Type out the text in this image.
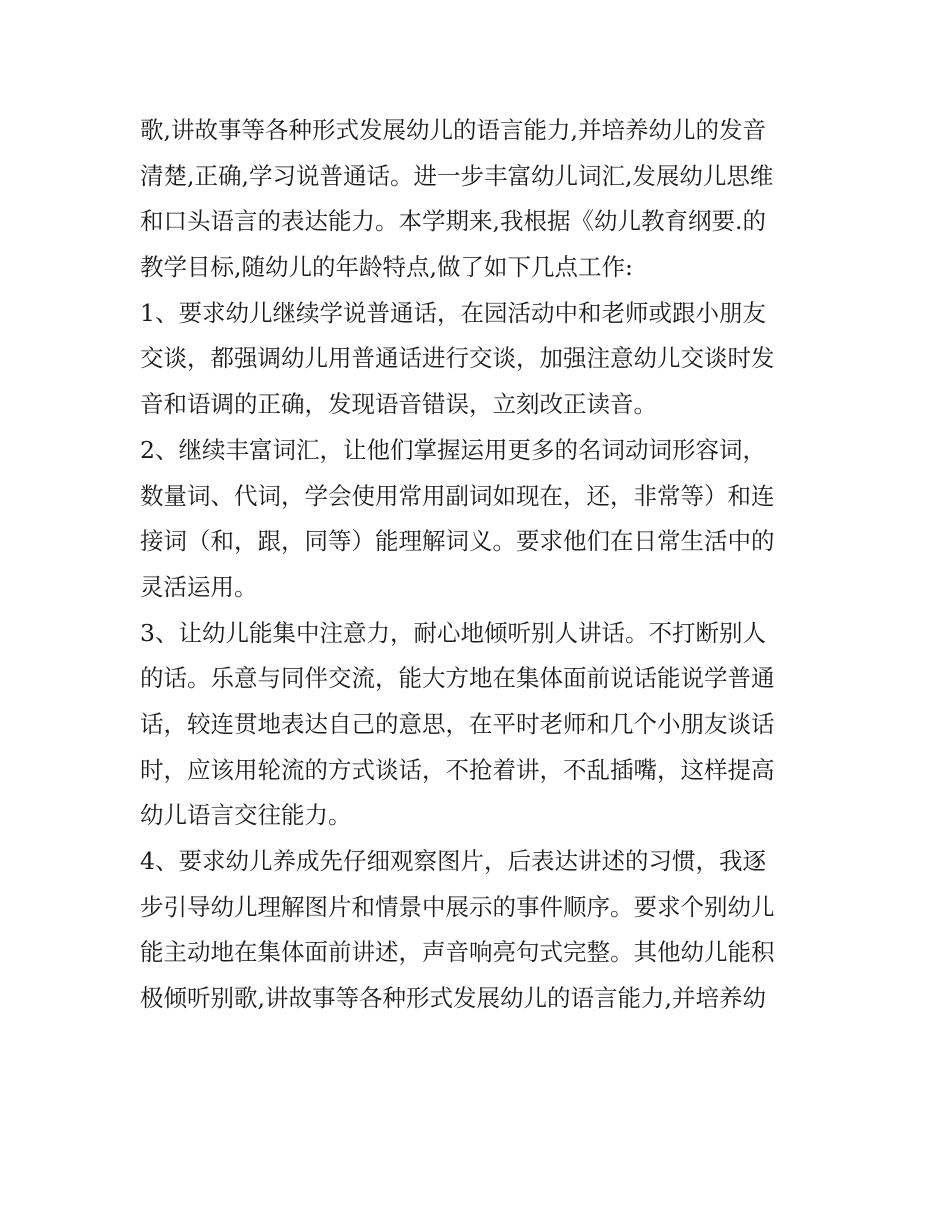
歌,讲故事等各种形式发展幼儿的语言能力,并培养幼儿的发音
清楚,正确,学习说普通话。进一步丰富幼儿词汇,发展幼儿思维
和口头语言的表达能力。本学期来,我根据《幼儿教育纲要.的
教学目标,随幼儿的年龄特点,做了如下几点工作:
1、要求幼儿继续学说普通话，在园活动中和老师或跟小朋友
交谈，都强调幼儿用普通话进行交谈，加强注意幼儿交谈时发
音和语调的正确，发现语音错误，立刻改正读音。
2、继续丰富词汇，让他们掌握运用更多的名词动词形容词，
数量词、代词，学会使用常用副词如现在，还，非常等）和连
接词（和，跟，同等）能理解词义。要求他们在日常生活中的
灵活运用。
3、让幼儿能集中注意力，耐心地倾听别人讲话。不打断别人
的话。乐意与同伴交流，能大方地在集体面前说话能说学普通
话，较连贯地表达自己的意思，在平时老师和几个小朋友谈话
时，应该用轮流的方式谈话，不抢着讲，不乱插嘴，这样提高
幼儿语言交往能力。
4、要求幼儿养成先仔细观察图片，后表达讲述的习惯，我逐
步引导幼儿理解图片和情景中展示的事件顺序。要求个别幼儿
能主动地在集体面前讲述，声音响亮句式完整。其他幼儿能积
极倾听别歌,讲故事等各种形式发展幼儿的语言能力,并培养幼
